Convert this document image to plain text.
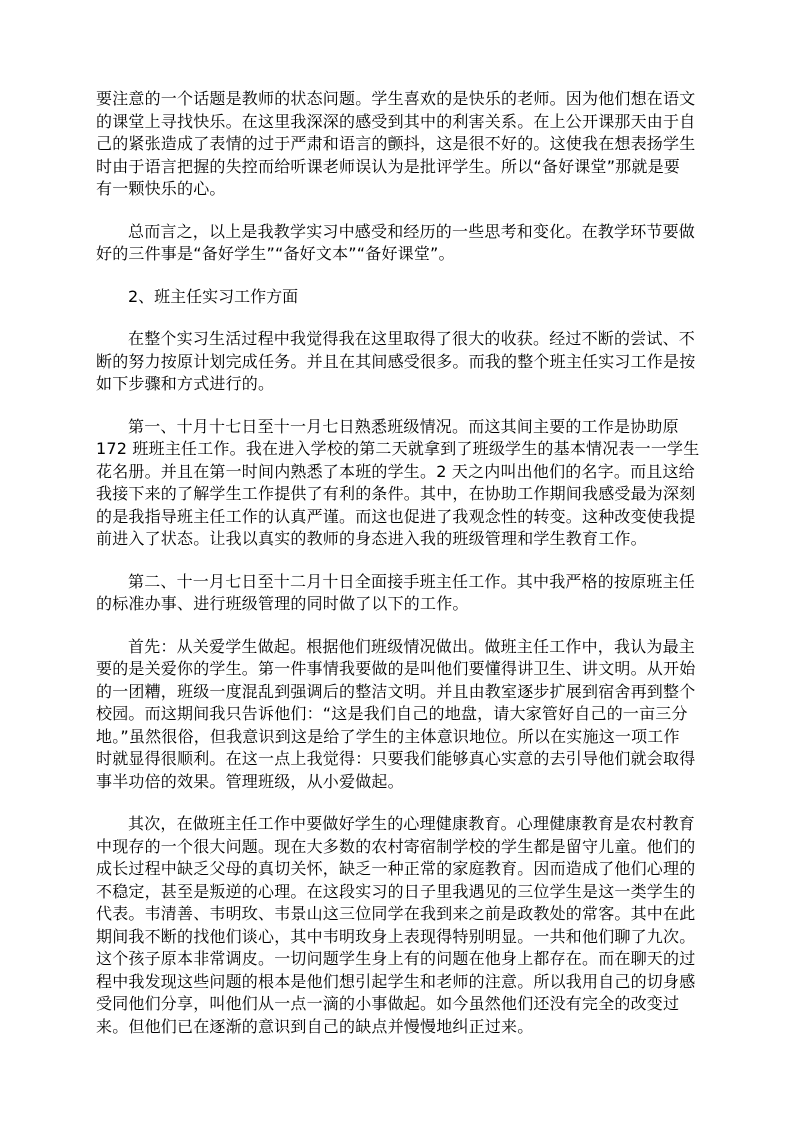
要注意的一个话题是教师的状态问题。学生喜欢的是快乐的老师。因为他们想在语文
的课堂上寻找快乐。在这里我深深的感受到其中的利害关系。在上公开课那天由于自
己的紧张造成了表情的过于严肃和语言的颤抖，这是很不好的。这使我在想表扬学生
时由于语言把握的失控而给听课老师误认为是批评学生。所以“备好课堂”那就是要
有一颗快乐的心。
总而言之，以上是我教学实习中感受和经历的一些思考和变化。在教学环节要做
好的三件事是“备好学生”“备好文本”“备好课堂”。
2、班主任实习工作方面
在整个实习生活过程中我觉得我在这里取得了很大的收获。经过不断的尝试、不
断的努力按原计划完成任务。并且在其间感受很多。而我的整个班主任实习工作是按
如下步骤和方式进行的。
第一、十月十七日至十一月七日熟悉班级情况。而这其间主要的工作是协助原
172 班班主任工作。我在进入学校的第二天就拿到了班级学生的基本情况表一一学生
花名册。并且在第一时间内熟悉了本班的学生。2 天之内叫出他们的名字。而且这给
我接下来的了解学生工作提供了有利的条件。其中，在协助工作期间我感受最为深刻
的是我指导班主任工作的认真严谨。而这也促进了我观念性的转变。这种改变使我提
前进入了状态。让我以真实的教师的身态进入我的班级管理和学生教育工作。
第二、十一月七日至十二月十日全面接手班主任工作。其中我严格的按原班主任
的标准办事、进行班级管理的同时做了以下的工作。
首先：从关爱学生做起。根据他们班级情况做出。做班主任工作中，我认为最主
要的是关爱你的学生。第一件事情我要做的是叫他们要懂得讲卫生、讲文明。从开始
的一团糟，班级一度混乱到强调后的整洁文明。并且由教室逐步扩展到宿舍再到整个
校园。而这期间我只告诉他们：“这是我们自己的地盘，请大家管好自己的一亩三分
地。”虽然很俗，但我意识到这是给了学生的主体意识地位。所以在实施这一项工作
时就显得很顺利。在这一点上我觉得：只要我们能够真心实意的去引导他们就会取得
事半功倍的效果。管理班级，从小爱做起。
其次，在做班主任工作中要做好学生的心理健康教育。心理健康教育是农村教育
中现存的一个很大问题。现在大多数的农村寄宿制学校的学生都是留守儿童。他们的
成长过程中缺乏父母的真切关怀，缺乏一种正常的家庭教育。因而造成了他们心理的
不稳定，甚至是叛逆的心理。在这段实习的日子里我遇见的三位学生是这一类学生的
代表。韦清善、韦明玫、韦景山这三位同学在我到来之前是政教处的常客。其中在此
期间我不断的找他们谈心，其中韦明玫身上表现得特别明显。一共和他们聊了九次。
这个孩子原本非常调皮。一切问题学生身上有的问题在他身上都存在。而在聊天的过
程中我发现这些问题的根本是他们想引起学生和老师的注意。所以我用自己的切身感
受同他们分享，叫他们从一点一滴的小事做起。如今虽然他们还没有完全的改变过
来。但他们已在逐渐的意识到自己的缺点并慢慢地纠正过来。
